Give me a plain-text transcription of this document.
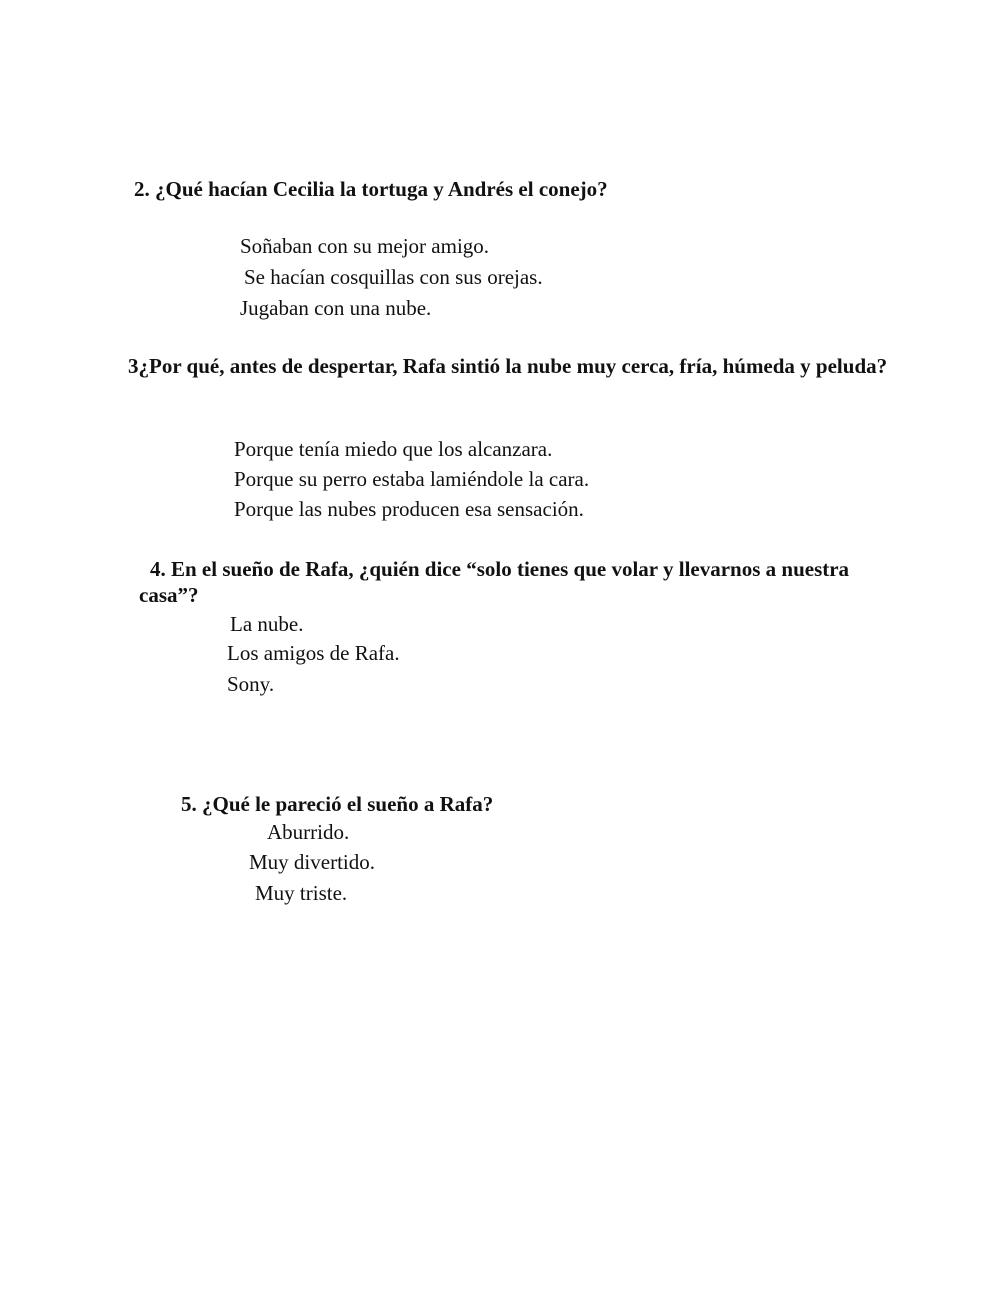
2. ¿Qué hacían Cecilia la tortuga y Andrés el conejo?

Soñaban con su mejor amigo.

Se hacían cosquillas con sus orejas.

Jugaban con una nube.

3¿Por qué, antes de despertar, Rafa sintió la nube muy cerca, fría, húmeda y peluda?

Porque tenía miedo que los alcanzara.

Porque su perro estaba lamiéndole la cara.

Porque las nubes producen esa sensación.

4. En el sueño de Rafa, ¿quién dice “solo tienes que volar y llevarnos a nuestra casa”?

La nube.

Los amigos de Rafa.

Sony.

5. ¿Qué le pareció el sueño a Rafa?

Aburrido.

Muy divertido.

Muy triste.
